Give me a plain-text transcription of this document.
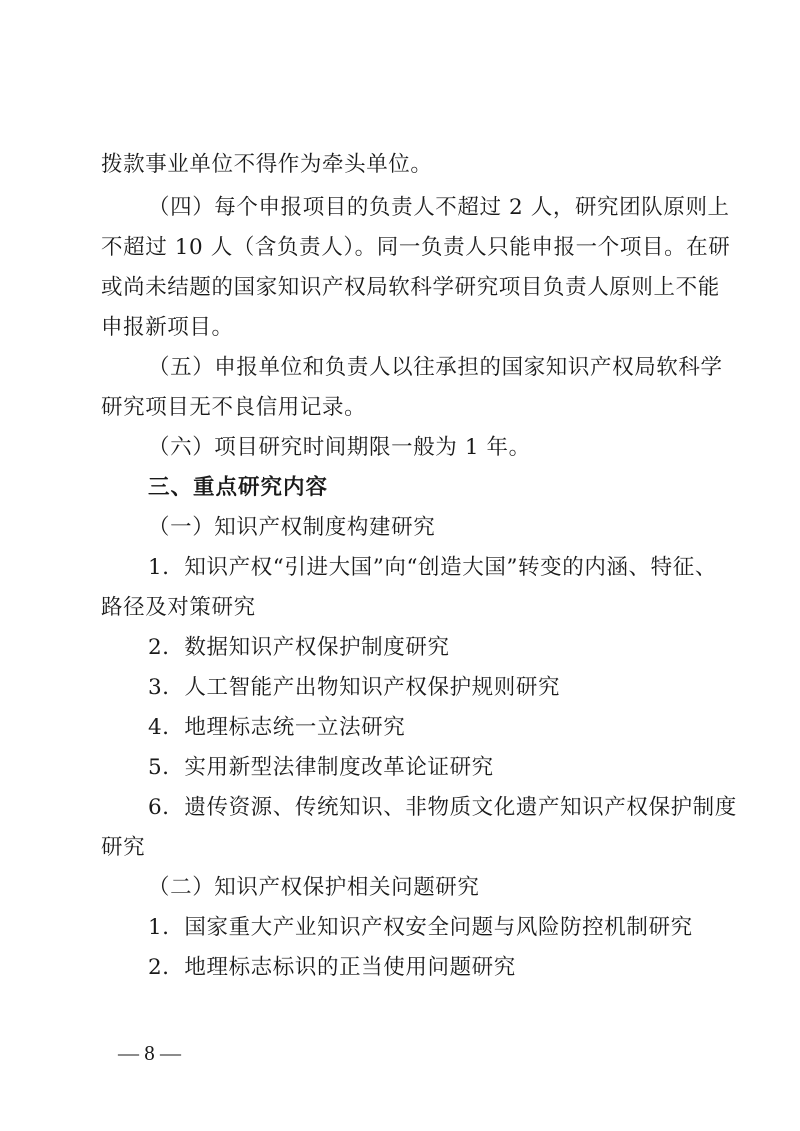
拨款事业单位不得作为牵头单位。
（四）每个申报项目的负责人不超过 2 人，研究团队原则上
不超过 10 人（含负责人）。同一负责人只能申报一个项目。在研
或尚未结题的国家知识产权局软科学研究项目负责人原则上不能
申报新项目。
（五）申报单位和负责人以往承担的国家知识产权局软科学
研究项目无不良信用记录。
（六）项目研究时间期限一般为 1 年。
三、重点研究内容
（一）知识产权制度构建研究
1．知识产权“引进大国”向“创造大国”转变的内涵、特征、
路径及对策研究
2．数据知识产权保护制度研究
3．人工智能产出物知识产权保护规则研究
4．地理标志统一立法研究
5．实用新型法律制度改革论证研究
6．遗传资源、传统知识、非物质文化遗产知识产权保护制度
研究
（二）知识产权保护相关问题研究
1．国家重大产业知识产权安全问题与风险防控机制研究
2．地理标志标识的正当使用问题研究
— 8 —
